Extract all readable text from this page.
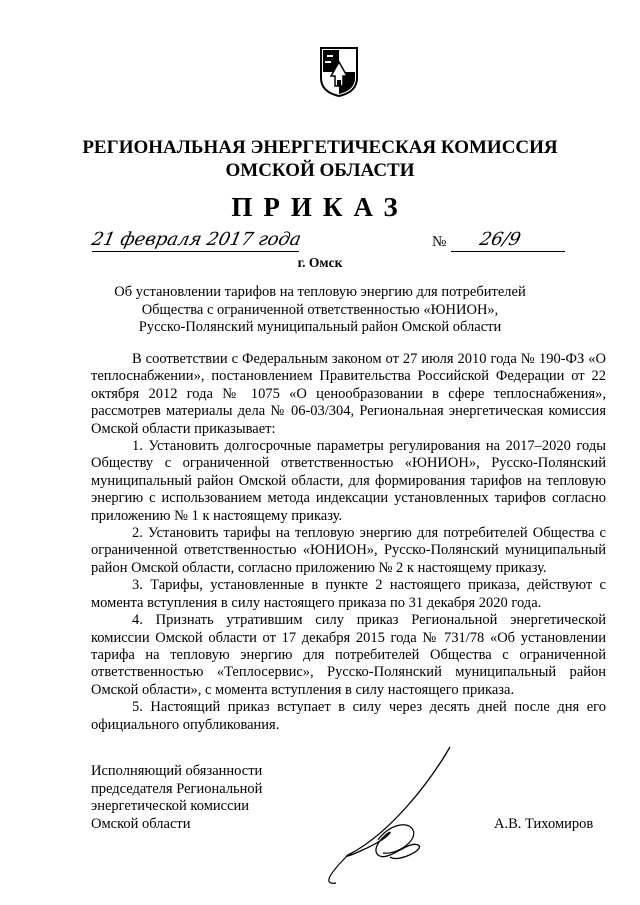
РЕГИОНАЛЬНАЯ ЭНЕРГЕТИЧЕСКАЯ КОМИССИЯ
ОМСКОЙ ОБЛАСТИ
ПРИКАЗ
21 февраля 2017 года	№ 26/9
г. Омск
Об установлении тарифов на тепловую энергию для потребителей
Общества с ограниченной ответственностью «ЮНИОН»,
Русско-Полянский муниципальный район Омской области

В соответствии с Федеральным законом от 27 июля 2010 года № 190-ФЗ «О теплоснабжении», постановлением Правительства Российской Федерации от 22 октября 2012 года № 1075 «О ценообразовании в сфере теплоснабжения», рассмотрев материалы дела № 06-03/304, Региональная энергетическая комиссия Омской области приказывает:

1. Установить долгосрочные параметры регулирования на 2017–2020 годы Обществу с ограниченной ответственностью «ЮНИОН», Русско-Полянский муниципальный район Омской области, для формирования тарифов на тепловую энергию с использованием метода индексации установленных тарифов согласно приложению № 1 к настоящему приказу.

2. Установить тарифы на тепловую энергию для потребителей Общества с ограниченной ответственностью «ЮНИОН», Русско-Полянский муниципальный район Омской области, согласно приложению № 2 к настоящему приказу.

3. Тарифы, установленные в пункте 2 настоящего приказа, действуют с момента вступления в силу настоящего приказа по 31 декабря 2020 года.

4. Признать утратившим силу приказ Региональной энергетической комиссии Омской области от 17 декабря 2015 года № 731/78 «Об установлении тарифа на тепловую энергию для потребителей Общества с ограниченной ответственностью «Теплосервис», Русско-Полянский муниципальный район Омской области», с момента вступления в силу настоящего приказа.

5. Настоящий приказ вступает в силу через десять дней после дня его официального опубликования.

Исполняющий обязанности
председателя Региональной
энергетической комиссии
Омской области	А.В. Тихомиров
